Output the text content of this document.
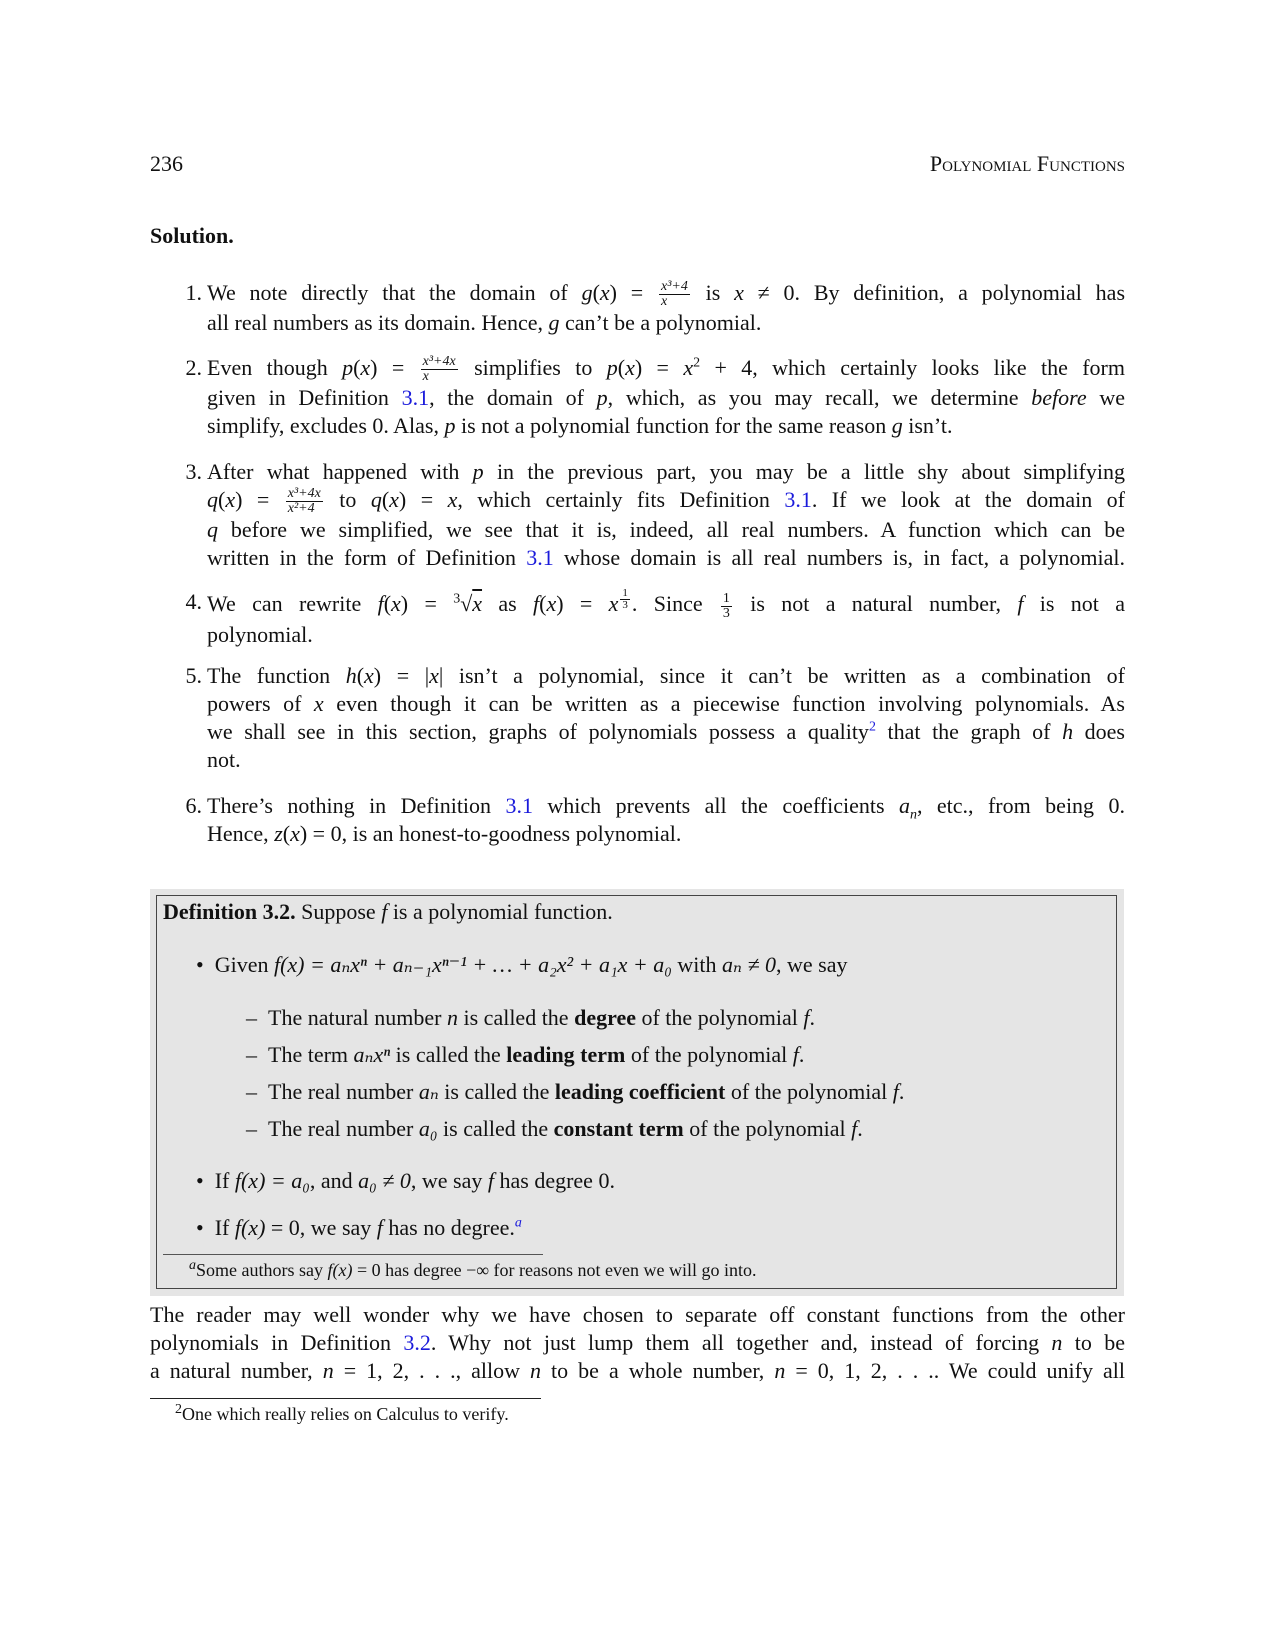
236	Polynomial Functions
Solution.
1. We note directly that the domain of $g(x) = \frac{\text{x³+4}}{x}$ is x ≠ 0. By definition, a polynomial has
all real numbers as its domain. Hence, g can’t be a polynomial.
2. Even though $p(x) = \frac{\text{x³+4x}}{x}$ simplifies to $p(x) = x^2 + 4$, which certainly looks like the form
given in Definition 3.1, the domain of p, which, as you may recall, we determine before we
simplify, excludes 0. Alas, p is not a polynomial function for the same reason g isn’t.
3. After what happened with p in the previous part, you may be a little shy about simplifying
$q(x) = \frac{\text{x³+4x}}{\text{x²+4}}$ to q(x) = x, which certainly fits Definition 3.1. If we look at the domain of
q before we simplified, we see that it is, indeed, all real numbers. A function which can be
written in the form of Definition 3.1 whose domain is all real numbers is, in fact, a polynomial.
4. We can rewrite f(x) = $^3$√x as f(x) = x $^{\frac{1}{3}}$ . Since $\frac{1}{3}$ is not a natural number, f is not a
polynomial.
5. The function h(x) = |x| isn’t a polynomial, since it can’t be written as a combination of
powers of x even though it can be written as a piecewise function involving polynomials. As
we shall see in this section, graphs of polynomials possess a quality$^2$ that the graph of h does
not.
6. There’s nothing in Definition 3.1 which prevents all the coefficients $a_n$, etc., from being 0.
Hence, z(x) = 0, is an honest-to-goodness polynomial.
Definition 3.2. Suppose f is a polynomial function.
• Given f(x) = aₙxⁿ + aₙ₋₁xⁿ⁻¹ + … + a₂x² + a₁x + a₀ with aₙ ≠ 0, we say
– The natural number n is called the degree of the polynomial f.
– The term aₙxⁿ is called the leading term of the polynomial f.
– The real number aₙ is called the leading coefficient of the polynomial f.
– The real number a₀ is called the constant term of the polynomial f.
• If f(x) = a₀, and a₀ ≠ 0, we say f has degree 0.
• If f(x) = 0, we say f has no degree.$^a$
$^a$Some authors say f(x) = 0 has degree −∞ for reasons not even we will go into.
The reader may well wonder why we have chosen to separate off constant functions from the other
polynomials in Definition 3.2. Why not just lump them all together and, instead of forcing n to be
a natural number, n = 1, 2, . . ., allow n to be a whole number, n = 0, 1, 2, . . .. We could unify all
$^2$One which really relies on Calculus to verify.
